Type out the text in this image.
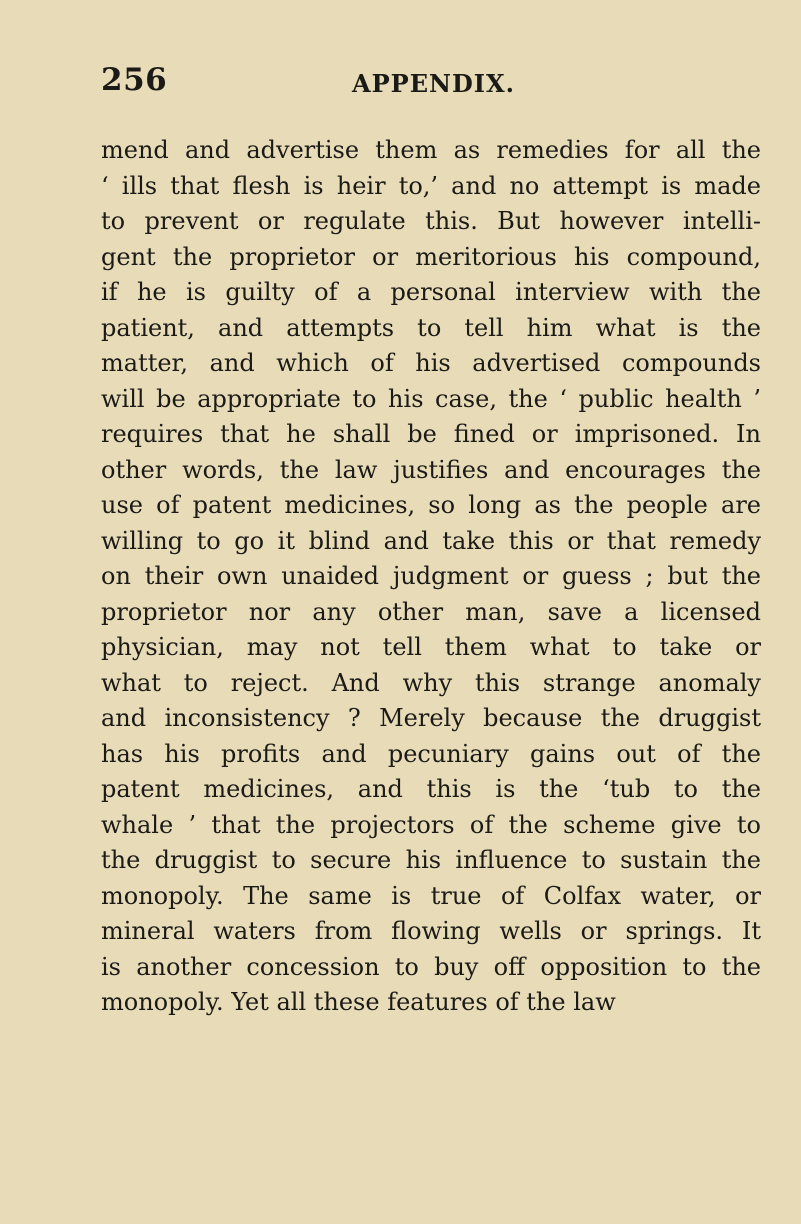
256	APPENDIX.
mend and advertise them as remedies for all the
‘ ills that flesh is heir to,’ and no attempt is made
to prevent or regulate this. But however intelli-
gent the proprietor or meritorious his compound,
if he is guilty of a personal interview with the
patient, and attempts to tell him what is the
matter, and which of his advertised compounds
will be appropriate to his case, the ‘ public health ’
requires that he shall be fined or imprisoned. In
other words, the law justifies and encourages the
use of patent medicines, so long as the people are
willing to go it blind and take this or that remedy
on their own unaided judgment or guess ; but the
proprietor nor any other man, save a licensed
physician, may not tell them what to take or
what to reject. And why this strange anomaly
and inconsistency ? Merely because the druggist
has his profits and pecuniary gains out of the
patent medicines, and this is the ‘tub to the
whale ’ that the projectors of the scheme give to
the druggist to secure his influence to sustain the
monopoly. The same is true of Colfax water, or
mineral waters from flowing wells or springs. It
is another concession to buy off opposition to the
monopoly. Yet all these features of the law
